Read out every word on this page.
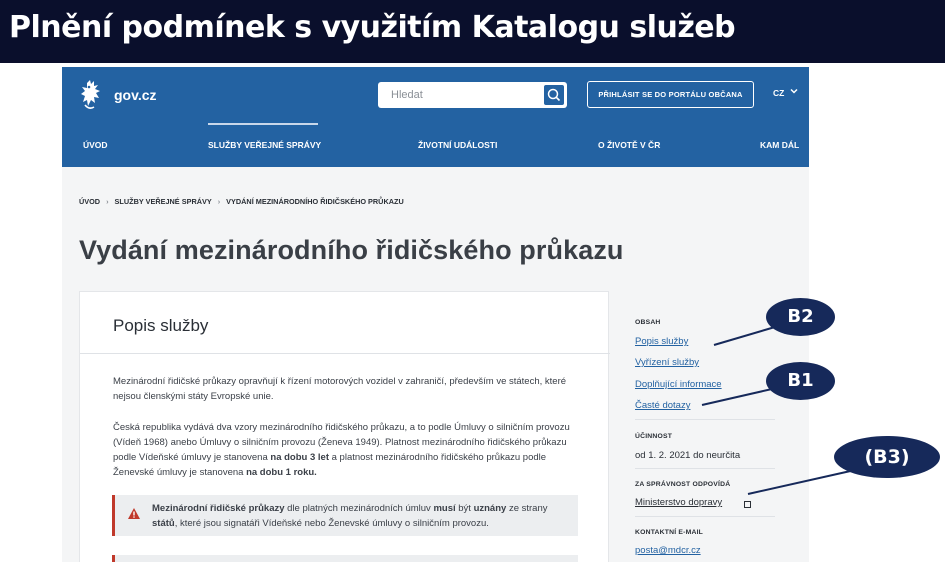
Plnění podmínek s využitím Katalogu služeb
gov.cz
Hledat	PŘIHLÁSIT SE DO PORTÁLU OBČANA	CZ
ÚVOD	SLUŽBY VEŘEJNÉ SPRÁVY	ŽIVOTNÍ UDÁLOSTI	O ŽIVOTĚ V ČR	KAM DÁL
ÚVOD › SLUŽBY VEŘEJNÉ SPRÁVY › VYDÁNÍ MEZINÁRODNÍHO ŘIDIČSKÉHO PRŮKAZU
Vydání mezinárodního řidičského průkazu
Popis služby

Mezinárodní řidičské průkazy opravňují k řízení motorových vozidel v zahraničí, především ve státech, které nejsou členskými státy Evropské unie.

Česká republika vydává dva vzory mezinárodního řidičského průkazu, a to podle Úmluvy o silničním provozu (Vídeň 1968) anebo Úmluvy o silničním provozu (Ženeva 1949). Platnost mezinárodního řidičského průkazu podle Vídeňské úmluvy je stanovena na dobu 3 let a platnost mezinárodního řidičského průkazu podle Ženevské úmluvy je stanovena na dobu 1 roku.

Mezinárodní řidičské průkazy dle platných mezinárodních úmluv musí být uznány ze strany států, které jsou signatáři Vídeňské nebo Ženevské úmluvy o silničním provozu.

OBSAH
Popis služby
Vyřízení služby
Doplňující informace
Časté dotazy
ÚČINNOST
od 1. 2. 2021 do neurčita
ZA SPRÁVNOST ODPOVÍDÁ
Ministerstvo dopravy
KONTAKTNÍ E-MAIL
posta@mdcr.cz
B2
B1
(B3)
